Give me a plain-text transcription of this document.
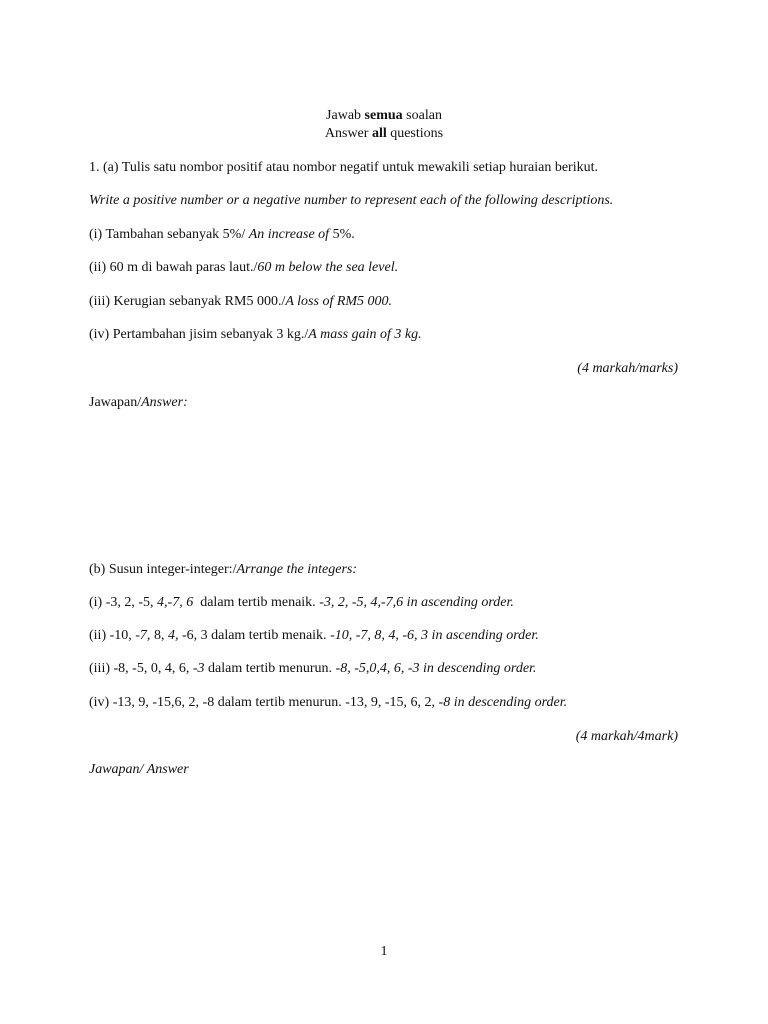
Jawab semua soalan
Answer all questions
1. (a) Tulis satu nombor positif atau nombor negatif untuk mewakili setiap huraian berikut.
Write a positive number or a negative number to represent each of the following descriptions.
(i) Tambahan sebanyak 5%/ An increase of 5%.
(ii) 60 m di bawah paras laut./60 m below the sea level.
(iii) Kerugian sebanyak RM5 000./A loss of RM5 000.
(iv) Pertambahan jisim sebanyak 3 kg./A mass gain of 3 kg.
(4 markah/marks)
Jawapan/Answer:
(b) Susun integer-integer:/Arrange the integers:
(i) -3, 2, -5, 4,-7, 6  dalam tertib menaik. -3, 2, -5, 4,-7,6 in ascending order.
(ii) -10, -7, 8, 4, -6, 3 dalam tertib menaik. -10, -7, 8, 4, -6, 3 in ascending order.
(iii) -8, -5, 0, 4, 6, -3 dalam tertib menurun. -8, -5,0,4, 6, -3 in descending order.
(iv) -13, 9, -15,6, 2, -8 dalam tertib menurun. -13, 9, -15, 6, 2, -8 in descending order.
(4 markah/4mark)
Jawapan/ Answer
1
